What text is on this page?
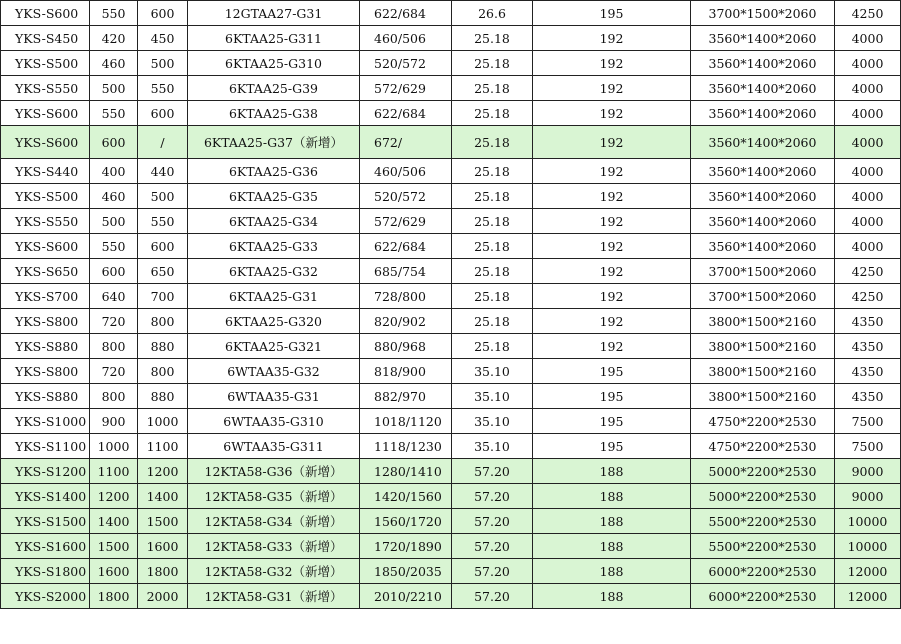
YKS-S600	550	600	12GTAA27-G31	622/684	26.6	195	3700*1500*2060	4250
YKS-S450	420	450	6KTAA25-G311	460/506	25.18	192	3560*1400*2060	4000
YKS-S500	460	500	6KTAA25-G310	520/572	25.18	192	3560*1400*2060	4000
YKS-S550	500	550	6KTAA25-G39	572/629	25.18	192	3560*1400*2060	4000
YKS-S600	550	600	6KTAA25-G38	622/684	25.18	192	3560*1400*2060	4000
YKS-S600	600	/	6KTAA25-G37（新增）	672/	25.18	192	3560*1400*2060	4000
YKS-S440	400	440	6KTAA25-G36	460/506	25.18	192	3560*1400*2060	4000
YKS-S500	460	500	6KTAA25-G35	520/572	25.18	192	3560*1400*2060	4000
YKS-S550	500	550	6KTAA25-G34	572/629	25.18	192	3560*1400*2060	4000
YKS-S600	550	600	6KTAA25-G33	622/684	25.18	192	3560*1400*2060	4000
YKS-S650	600	650	6KTAA25-G32	685/754	25.18	192	3700*1500*2060	4250
YKS-S700	640	700	6KTAA25-G31	728/800	25.18	192	3700*1500*2060	4250
YKS-S800	720	800	6KTAA25-G320	820/902	25.18	192	3800*1500*2160	4350
YKS-S880	800	880	6KTAA25-G321	880/968	25.18	192	3800*1500*2160	4350
YKS-S800	720	800	6WTAA35-G32	818/900	35.10	195	3800*1500*2160	4350
YKS-S880	800	880	6WTAA35-G31	882/970	35.10	195	3800*1500*2160	4350
YKS-S1000	900	1000	6WTAA35-G310	1018/1120	35.10	195	4750*2200*2530	7500
YKS-S1100	1000	1100	6WTAA35-G311	1118/1230	35.10	195	4750*2200*2530	7500
YKS-S1200	1100	1200	12KTA58-G36（新增）	1280/1410	57.20	188	5000*2200*2530	9000
YKS-S1400	1200	1400	12KTA58-G35（新增）	1420/1560	57.20	188	5000*2200*2530	9000
YKS-S1500	1400	1500	12KTA58-G34（新增）	1560/1720	57.20	188	5500*2200*2530	10000
YKS-S1600	1500	1600	12KTA58-G33（新增）	1720/1890	57.20	188	5500*2200*2530	10000
YKS-S1800	1600	1800	12KTA58-G32（新增）	1850/2035	57.20	188	6000*2200*2530	12000
YKS-S2000	1800	2000	12KTA58-G31（新增）	2010/2210	57.20	188	6000*2200*2530	12000
